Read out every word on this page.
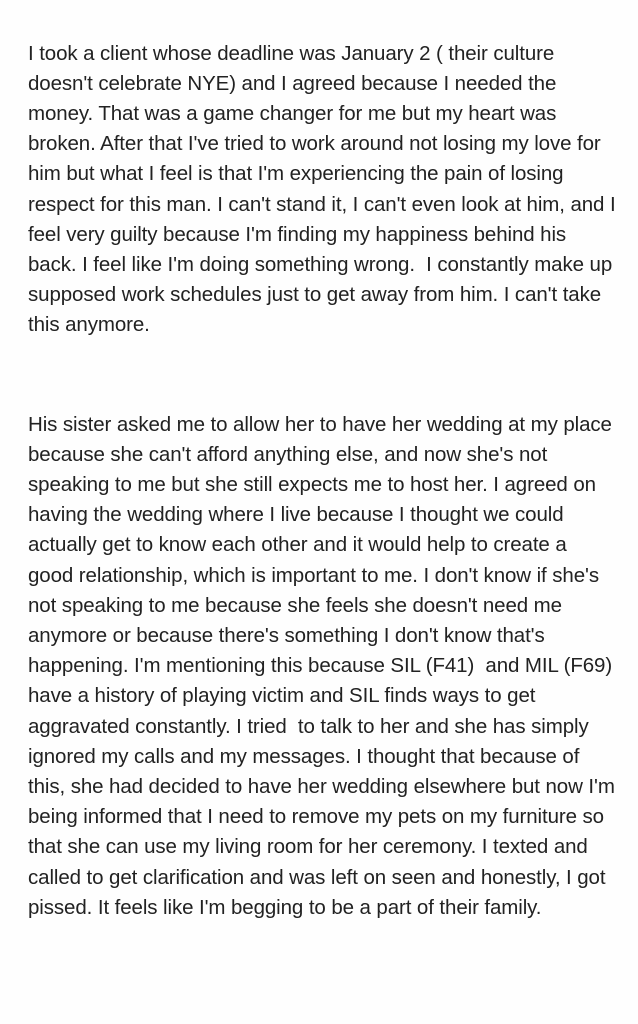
I took a client whose deadline was January 2 ( their culture doesn't celebrate NYE) and I agreed because I needed the money. That was a game changer for me but my heart was broken. After that I've tried to work around not losing my love for him but what I feel is that I'm experiencing the pain of losing respect for this man. I can't stand it, I can't even look at him, and I feel very guilty because I'm finding my happiness behind his back. I feel like I'm doing something wrong.  I constantly make up supposed work schedules just to get away from him. I can't take this anymore.

His sister asked me to allow her to have her wedding at my place because she can't afford anything else, and now she's not speaking to me but she still expects me to host her. I agreed on having the wedding where I live because I thought we could actually get to know each other and it would help to create a good relationship, which is important to me. I don't know if she's not speaking to me because she feels she doesn't need me anymore or because there's something I don't know that's happening. I'm mentioning this because SIL (F41)  and MIL (F69) have a history of playing victim and SIL finds ways to get aggravated constantly. I tried  to talk to her and she has simply ignored my calls and my messages. I thought that because of this, she had decided to have her wedding elsewhere but now I'm being informed that I need to remove my pets on my furniture so that she can use my living room for her ceremony. I texted and called to get clarification and was left on seen and honestly, I got pissed. It feels like I'm begging to be a part of their family.
